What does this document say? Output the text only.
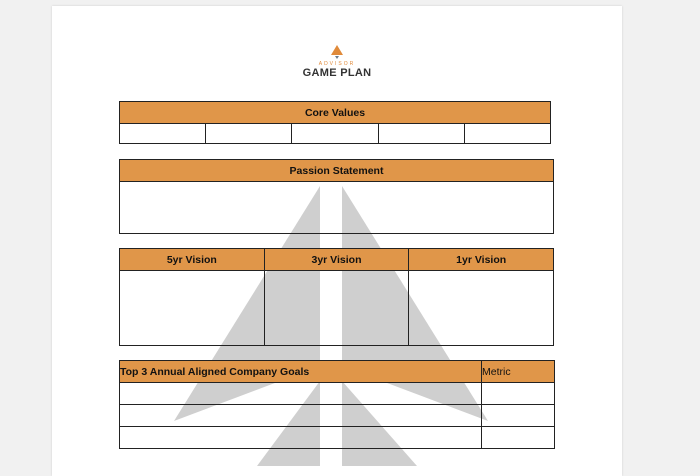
ADVISOR
GAME PLAN
Core Values

Passion Statement

5yr Vision	3yr Vision	1yr Vision

Top 3 Annual Aligned Company Goals	Metric
